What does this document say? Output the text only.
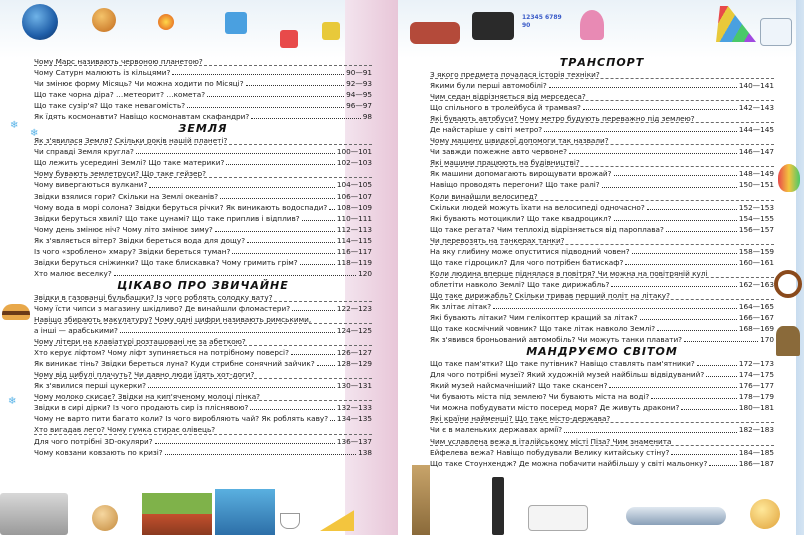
❄
❄
❄
12345 6789 90
Чому Марс називають червоною планетою?
Чому Сатурн малюють із кільцями?	90—91
Чи змінює форму Місяць? Чи можна ходити по Місяці?	92—93
Що таке чорна діра? …метеорит? …комета?	94—95
Що таке сузір'я? Що таке невагомість?	96—97
Як їдять космонавти? Навіщо космонавтам скафандри?	98
ЗЕМЛЯ
Як з'явилася Земля? Скільки років нашій планеті?
Чи справді Земля кругла?	100—101
Що лежить усередині Землі? Що таке материки?	102—103
Чому бувають землетруси? Що таке гейзер?
Чому вивергаються вулкани?	104—105
Звідки взялися гори? Скільки на Землі океанів?	106—107
Чому вода в морі солона? Звідки беруться річки? Як виникають водоспади? 108—109
Звідки беруться хвилі? Що таке цунамі? Що таке приплив і відплив?	110—111
Чому день змінює ніч? Чому літо змінює зиму?	112—113
Як з'являється вітер? Звідки береться вода для дощу?	114—115
Із чого «зроблено» хмару? Звідки береться туман?	116—117
Звідки беруться сніжинки? Що таке блискавка? Чому гримить грім?	118—119
Хто малює веселку?	120
ЦІКАВО ПРО ЗВИЧАЙНЕ
Звідки в газованці бульбашки? Із чого роблять солодку вату?
Чому їсти чипси з магазину шкідливо? Де винайшли фломастери?	122—123
Навіщо збирають макулатуру? Чому одні цифри називають римськими,
а інші — арабськими?	124—125
Чому літери на клавіатурі розташовані не за абеткою?
Хто керує ліфтом? Чому ліфт зупиняється на потрібному поверсі?	126—127
Як виникає тінь? Звідки береться луна? Куди стрибне сонячний зайчик?	128—129
Чому від цибулі плачуть? Чи давно люди їдять хот-доги?
Як з'явилися перші цукерки?	130—131
Чому молоко скисає? Звідки на кип'яченому молоці пінка?
Звідки в сирі дірки? Із чого продають сир із пліснявою?	132—133
Чому не варто пити багато коли? Із чого виробляють чай? Як роблять каву? 134—135
Хто вигадав лего? Чому гумка стирає олівець?
Для чого потрібні 3D-окуляри?	136—137
Чому ковзани ковзають по кризі?	138
ТРАНСПОРТ
З якого предмета почалася історія техніки?
Якими були перші автомобілі?	140—141
Чим седан відрізняється від мерседеса?
Що спільного в тролейбуса й трамвая?	142—143
Які бувають автобуси? Чому метро будують переважно під землею?
Де найстаріше у світі метро?	144—145
Чому машину швидкої допомоги так назвали?
Чи завжди пожежне авто червоне?	146—147
Які машини працюють на будівництві?
Як машини допомагають вирощувати врожай?	148—149
Навіщо проводять перегони? Що таке ралі?	150—151
Коли винайшли велосипед?
Скільки людей можуть їхати на велосипеді одночасно?	152—153
Які бувають мотоцикли? Що таке квадроцикл?	154—155
Що таке регата? Чим теплохід відрізняється від пароплава?	156—157
Чи перевозять на танкерах танки?
На яку глибину може опуститися підводний човен?	158—159
Що таке гідроцикл? Для чого потрібен батискаф?	160—161
Коли людина вперше піднялася в повітря? Чи можна на повітряній кулі
облетіти навколо Землі? Що таке дирижабль?	162—163
Що таке дирижабль? Скільки тривав перший політ на літаку?
Як злітає літак?	164—165
Які бувають літаки? Чим гелікоптер кращий за літак?	166—167
Що таке космічний човник? Що таке літак навколо Землі?	168—169
Як з'явився броньований автомобіль? Чи можуть танки плавати?	170
МАНДРУЄМО СВІТОМ
Що таке пам'ятки? Що таке путівник? Навіщо ставлять пам'ятники?	172—173
Для чого потрібні музеї? Який художній музей найбільш відвідуваний?	174—175
Який музей найсмачніший? Що таке скансен?	176—177
Чи бувають міста під землею? Чи бувають міста на воді?	178—179
Чи можна побудувати місто посеред моря? Де живуть дракони?	180—181
Які країни найменші? Що таке місто-держава?
Чи є в маленьких державах армії?	182—183
Чим уславлена вежа в італійському місті Піза? Чим знаменита
Ейфелева вежа? Навіщо побудували Велику китайську стіну?	184—185
Що таке Стоунхендж? Де можна побачити найбільшу у світі мальонку?	186—187
